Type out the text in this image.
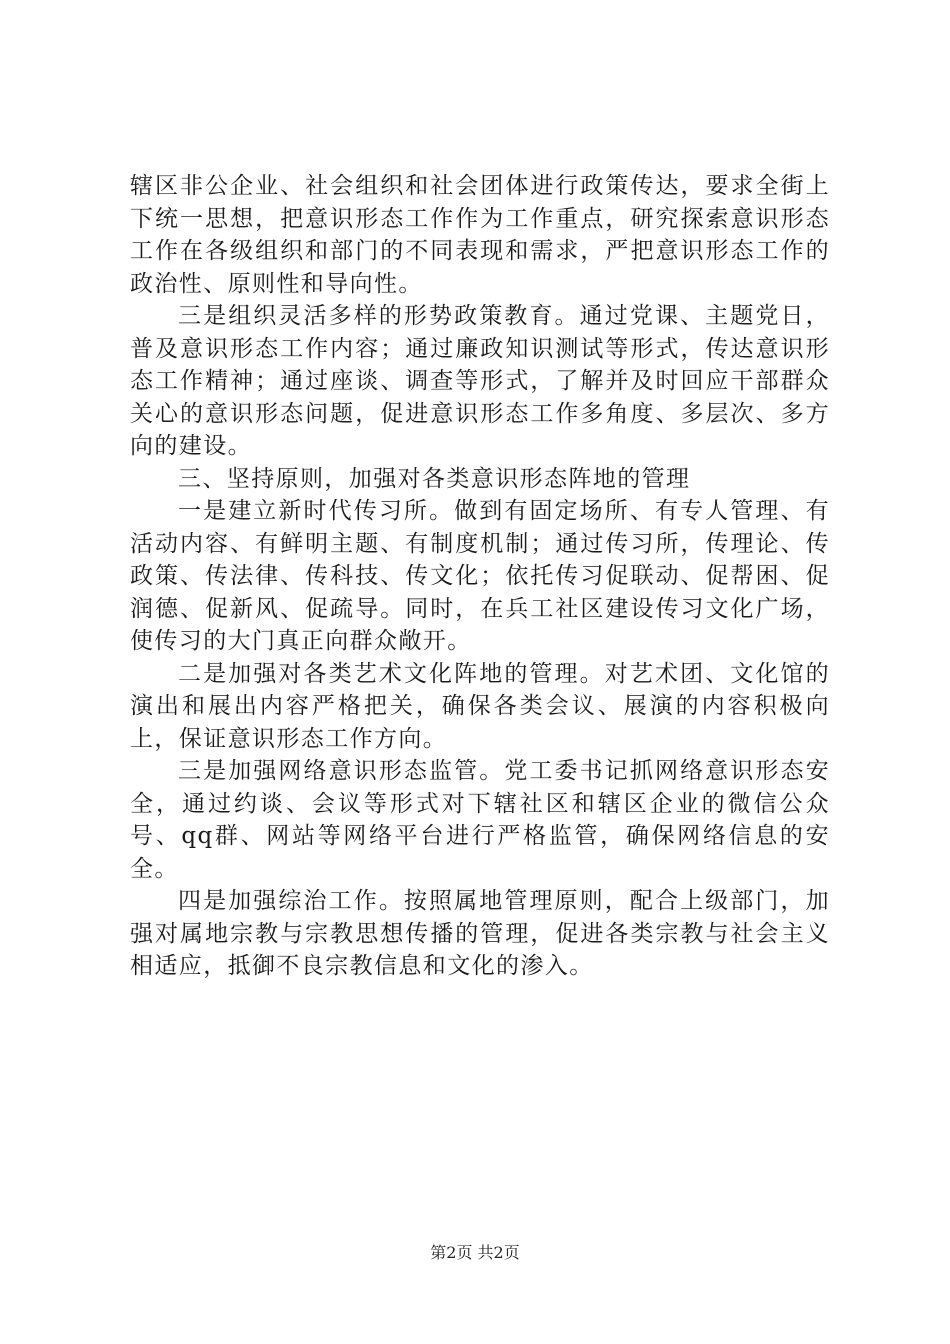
辖区非公企业、社会组织和社会团体进行政策传达，要求全街上下统一思想，把意识形态工作作为工作重点，研究探索意识形态工作在各级组织和部门的不同表现和需求，严把意识形态工作的政治性、原则性和导向性。

三是组织灵活多样的形势政策教育。通过党课、主题党日，普及意识形态工作内容；通过廉政知识测试等形式，传达意识形态工作精神；通过座谈、调查等形式，了解并及时回应干部群众关心的意识形态问题，促进意识形态工作多角度、多层次、多方向的建设。

三、坚持原则，加强对各类意识形态阵地的管理

一是建立新时代传习所。做到有固定场所、有专人管理、有活动内容、有鲜明主题、有制度机制；通过传习所，传理论、传政策、传法律、传科技、传文化；依托传习促联动、促帮困、促润德、促新风、促疏导。同时，在兵工社区建设传习文化广场，使传习的大门真正向群众敞开。

二是加强对各类艺术文化阵地的管理。对艺术团、文化馆的演出和展出内容严格把关，确保各类会议、展演的内容积极向上，保证意识形态工作方向。

三是加强网络意识形态监管。党工委书记抓网络意识形态安全，通过约谈、会议等形式对下辖社区和辖区企业的微信公众号、qq群、网站等网络平台进行严格监管，确保网络信息的安全。

四是加强综治工作。按照属地管理原则，配合上级部门，加强对属地宗教与宗教思想传播的管理，促进各类宗教与社会主义相适应，抵御不良宗教信息和文化的渗入。

第2页 共2页
